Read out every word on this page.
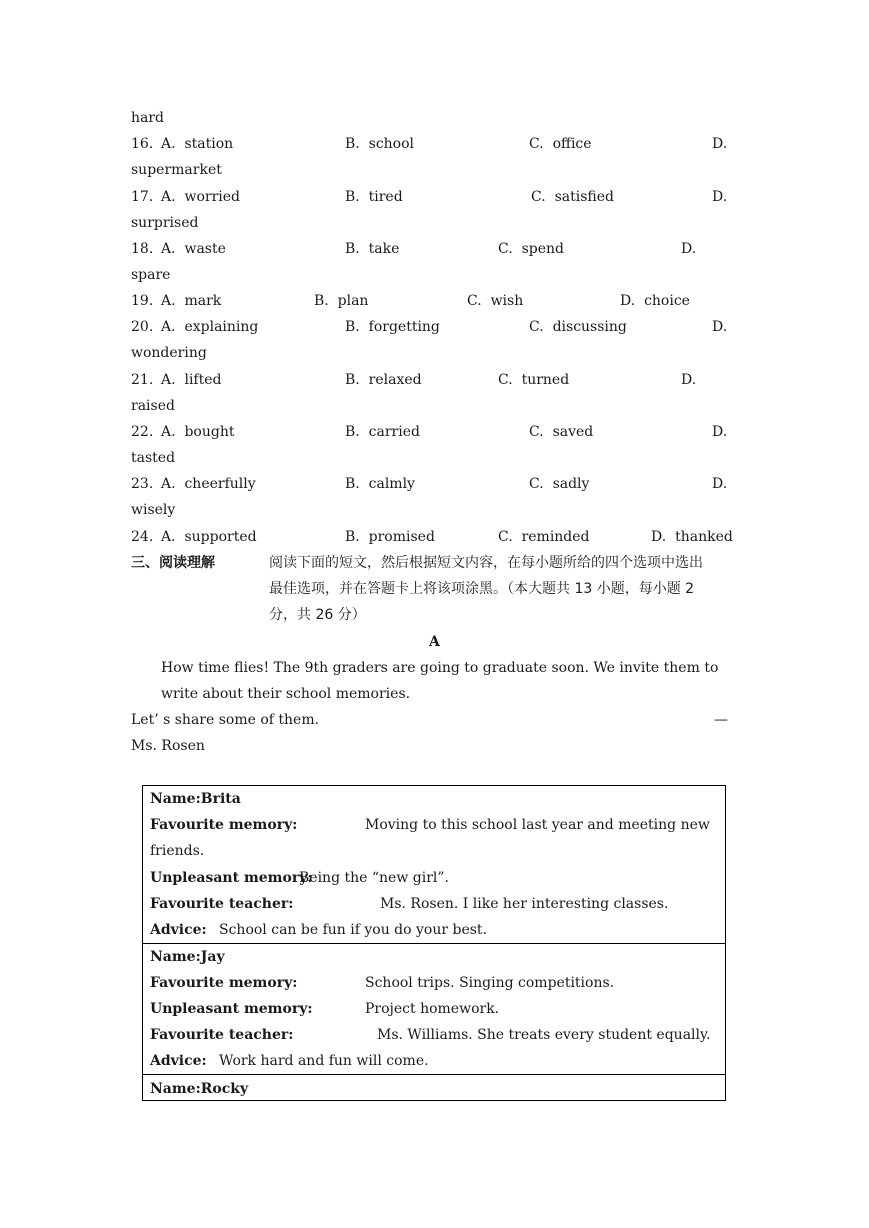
hard
16. A.  station	B.  school	C.  office	D.
supermarket
17. A.  worried	B.  tired	C.  satisfied	D.
surprised
18. A.  waste	B.  take	C.  spend	D.
spare
19. A.  mark	B.  plan	C.  wish	D.  choice
20. A.  explaining	B.  forgetting	C.  discussing	D.
wondering
21. A.  lifted	B.  relaxed	C.  turned	D.
raised
22. A.  bought	B.  carried	C.  saved	D.
tasted
23. A.  cheerfully	B.  calmly	C.  sadly	D.
wisely
24. A.  supported	B.  promised	C.  reminded	D.  thanked
三、阅读理解	阅读下面的短文，然后根据短文内容，在每小题所给的四个选项中选出
最佳选项，并在答题卡上将该项涂黑。（本大题共 13 小题，每小题 2
分，共 26 分）
A
How time flies! The 9th graders are going to graduate soon. We invite them to
write about their school memories.
Let’ s share some of them.	—
Ms. Rosen
Name:Brita
Favourite memory:	Moving to this school last year and meeting new
friends.
Unpleasant memory:
Being the “new girl”.
Favourite teacher:	Ms. Rosen. I like her interesting classes.
Advice: School can be fun if you do your best.
Name:Jay
Favourite memory:	School trips. Singing competitions.
Unpleasant memory:	Project homework.
Favourite teacher:	Ms. Williams. She treats every student equally.
Advice: Work hard and fun will come.
Name:Rocky
